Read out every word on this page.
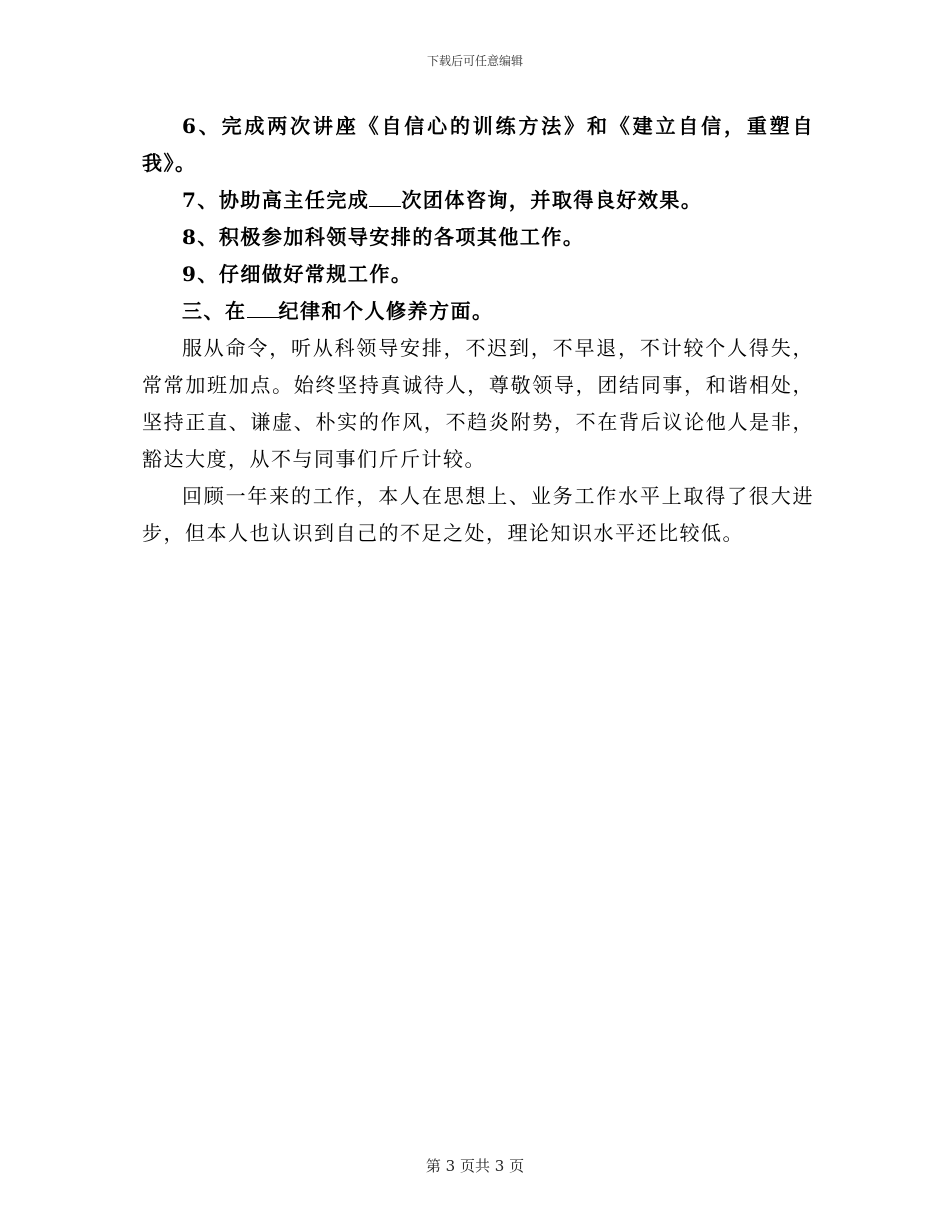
下载后可任意编辑

6、完成两次讲座《自信心的训练方法》和《建立自信，重塑自我》。

7、协助高主任完成 次团体咨询，并取得良好效果。

8、积极参加科领导安排的各项其他工作。

9、仔细做好常规工作。

三、在 纪律和个人修养方面。

服从命令，听从科领导安排，不迟到，不早退，不计较个人得失，常常加班加点。始终坚持真诚待人，尊敬领导，团结同事，和谐相处，坚持正直、谦虚、朴实的作风，不趋炎附势，不在背后议论他人是非，豁达大度，从不与同事们斤斤计较。

回顾一年来的工作，本人在思想上、业务工作水平上取得了很大进步，但本人也认识到自己的不足之处，理论知识水平还比较低。

第 3 页共 3 页
